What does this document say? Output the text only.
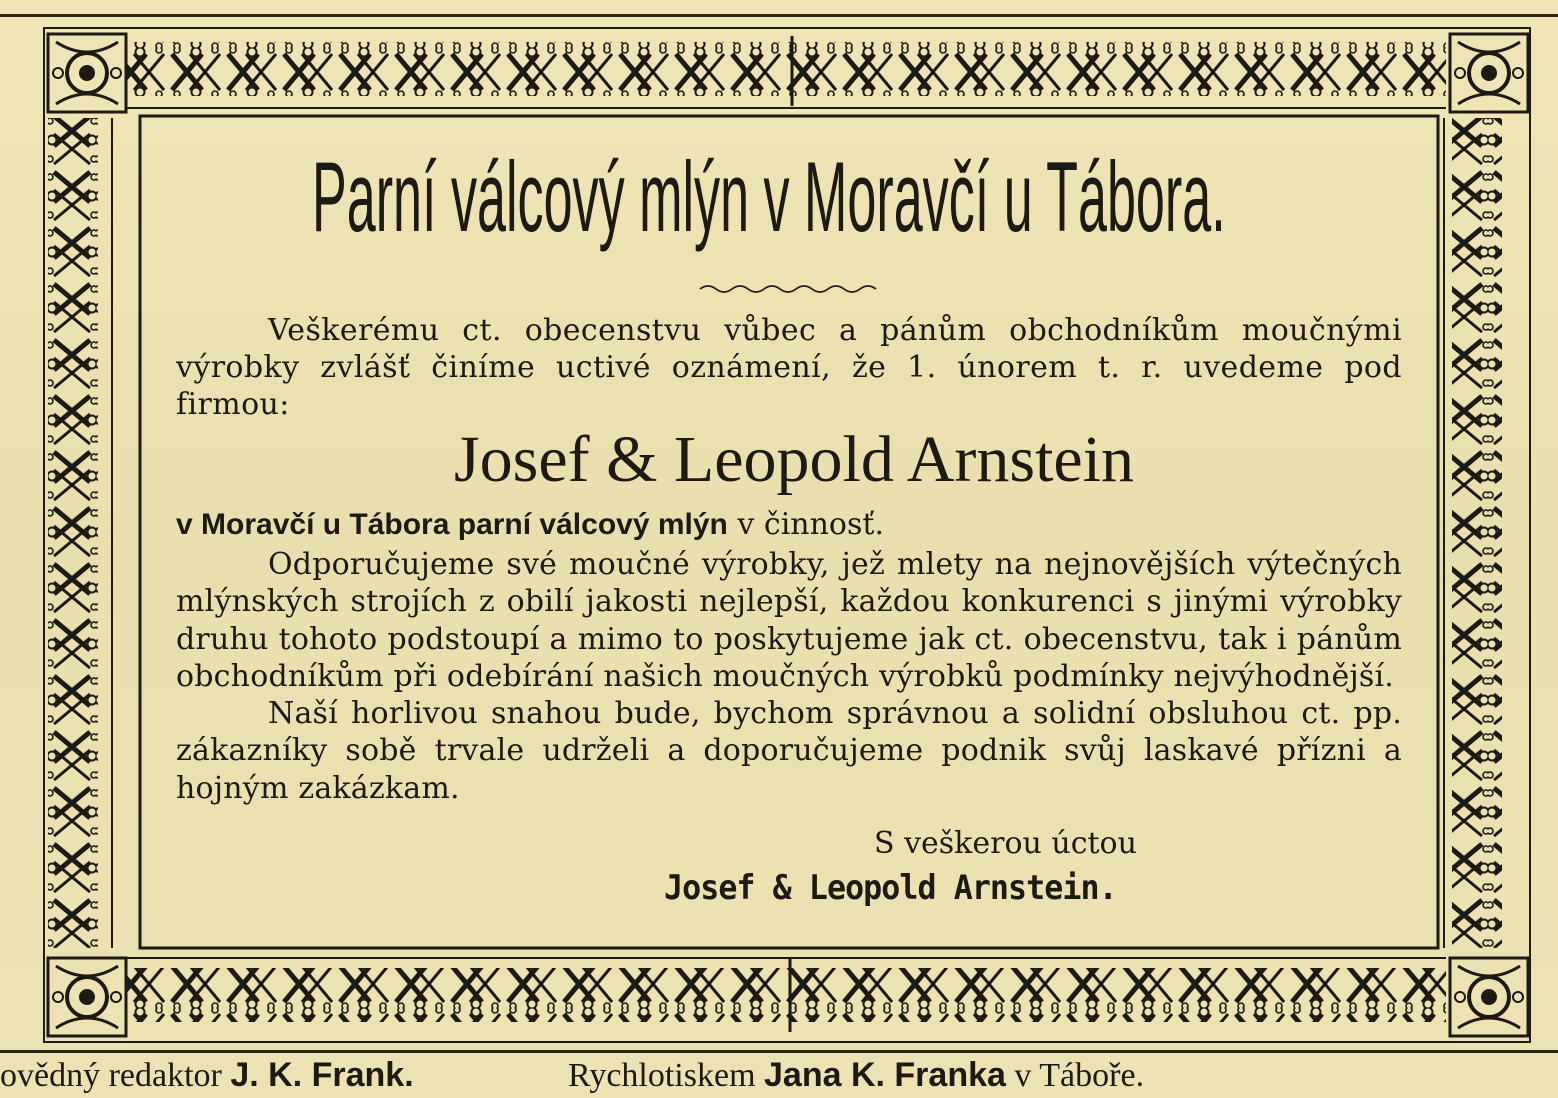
Parní válcový mlýn v Moravčí u Tábora.
Veškerému ct. obecenstvu vůbec a pánům obchodníkům moučnými výrobky zvlášť činíme uctivé oznámení, že 1. únorem t. r. uvedeme pod firmou:
Josef & Leopold Arnstein
v Moravčí u Tábora parní válcový mlýn v činnosť.

Odporučujeme své moučné výrobky, jež mlety na nejnovějších výtečných mlýnských strojích z obilí jakosti nejlepší, každou konkurenci s jinými výrobky druhu tohoto podstoupí a mimo to poskytujeme jak ct. obecenstvu, tak i pánům obchodníkům při odebírání našich moučných výrobků podmínky nejvýhodnější.

Naší horlivou snahou bude, bychom správnou a solidní obsluhou ct. pp. zákazníky sobě trvale udrželi a doporučujeme podnik svůj laskavé přízni a hojným zakázkam.

S veškerou úctou
Josef & Leopold Arnstein.
ovědný redaktor J. K. Frank.	Rychlotiskem Jana K. Franka v Táboře.
